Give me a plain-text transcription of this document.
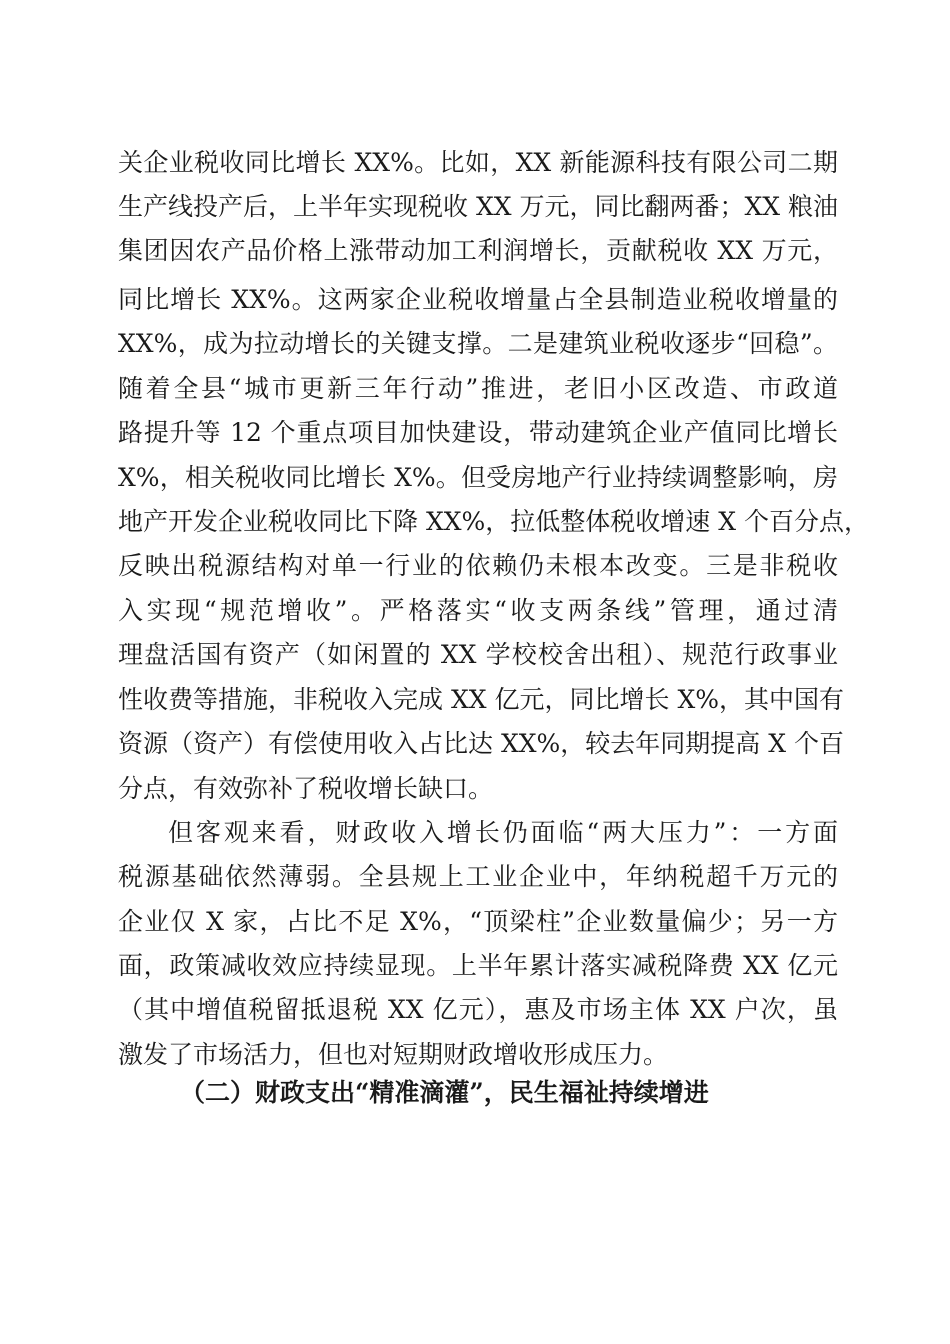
关企业税收同比增长 XX%。比如，XX 新能源科技有限公司二期
生产线投产后，上半年实现税收 XX 万元，同比翻两番；XX 粮油
集团因农产品价格上涨带动加工利润增长，贡献税收 XX 万元，
同比增长 XX%。这两家企业税收增量占全县制造业税收增量的
XX%，成为拉动增长的关键支撑。二是建筑业税收逐步“回稳”。
随着全县“城市更新三年行动”推进，老旧小区改造、市政道
路提升等 12 个重点项目加快建设，带动建筑企业产值同比增长
X%，相关税收同比增长 X%。但受房地产行业持续调整影响，房
地产开发企业税收同比下降 XX%，拉低整体税收增速 X 个百分点，
反映出税源结构对单一行业的依赖仍未根本改变。三是非税收
入实现“规范增收”。严格落实“收支两条线”管理，通过清
理盘活国有资产（如闲置的 XX 学校校舍出租）、规范行政事业
性收费等措施，非税收入完成 XX 亿元，同比增长 X%，其中国有
资源（资产）有偿使用收入占比达 XX%，较去年同期提高 X 个百
分点，有效弥补了税收增长缺口。
但客观来看，财政收入增长仍面临“两大压力”：一方面
税源基础依然薄弱。全县规上工业企业中，年纳税超千万元的
企业仅 X 家，占比不足 X%，“顶梁柱”企业数量偏少；另一方
面，政策减收效应持续显现。上半年累计落实减税降费 XX 亿元
（其中增值税留抵退税 XX 亿元），惠及市场主体 XX 户次，虽
激发了市场活力，但也对短期财政增收形成压力。
（二）财政支出“精准滴灌”，民生福祉持续增进
